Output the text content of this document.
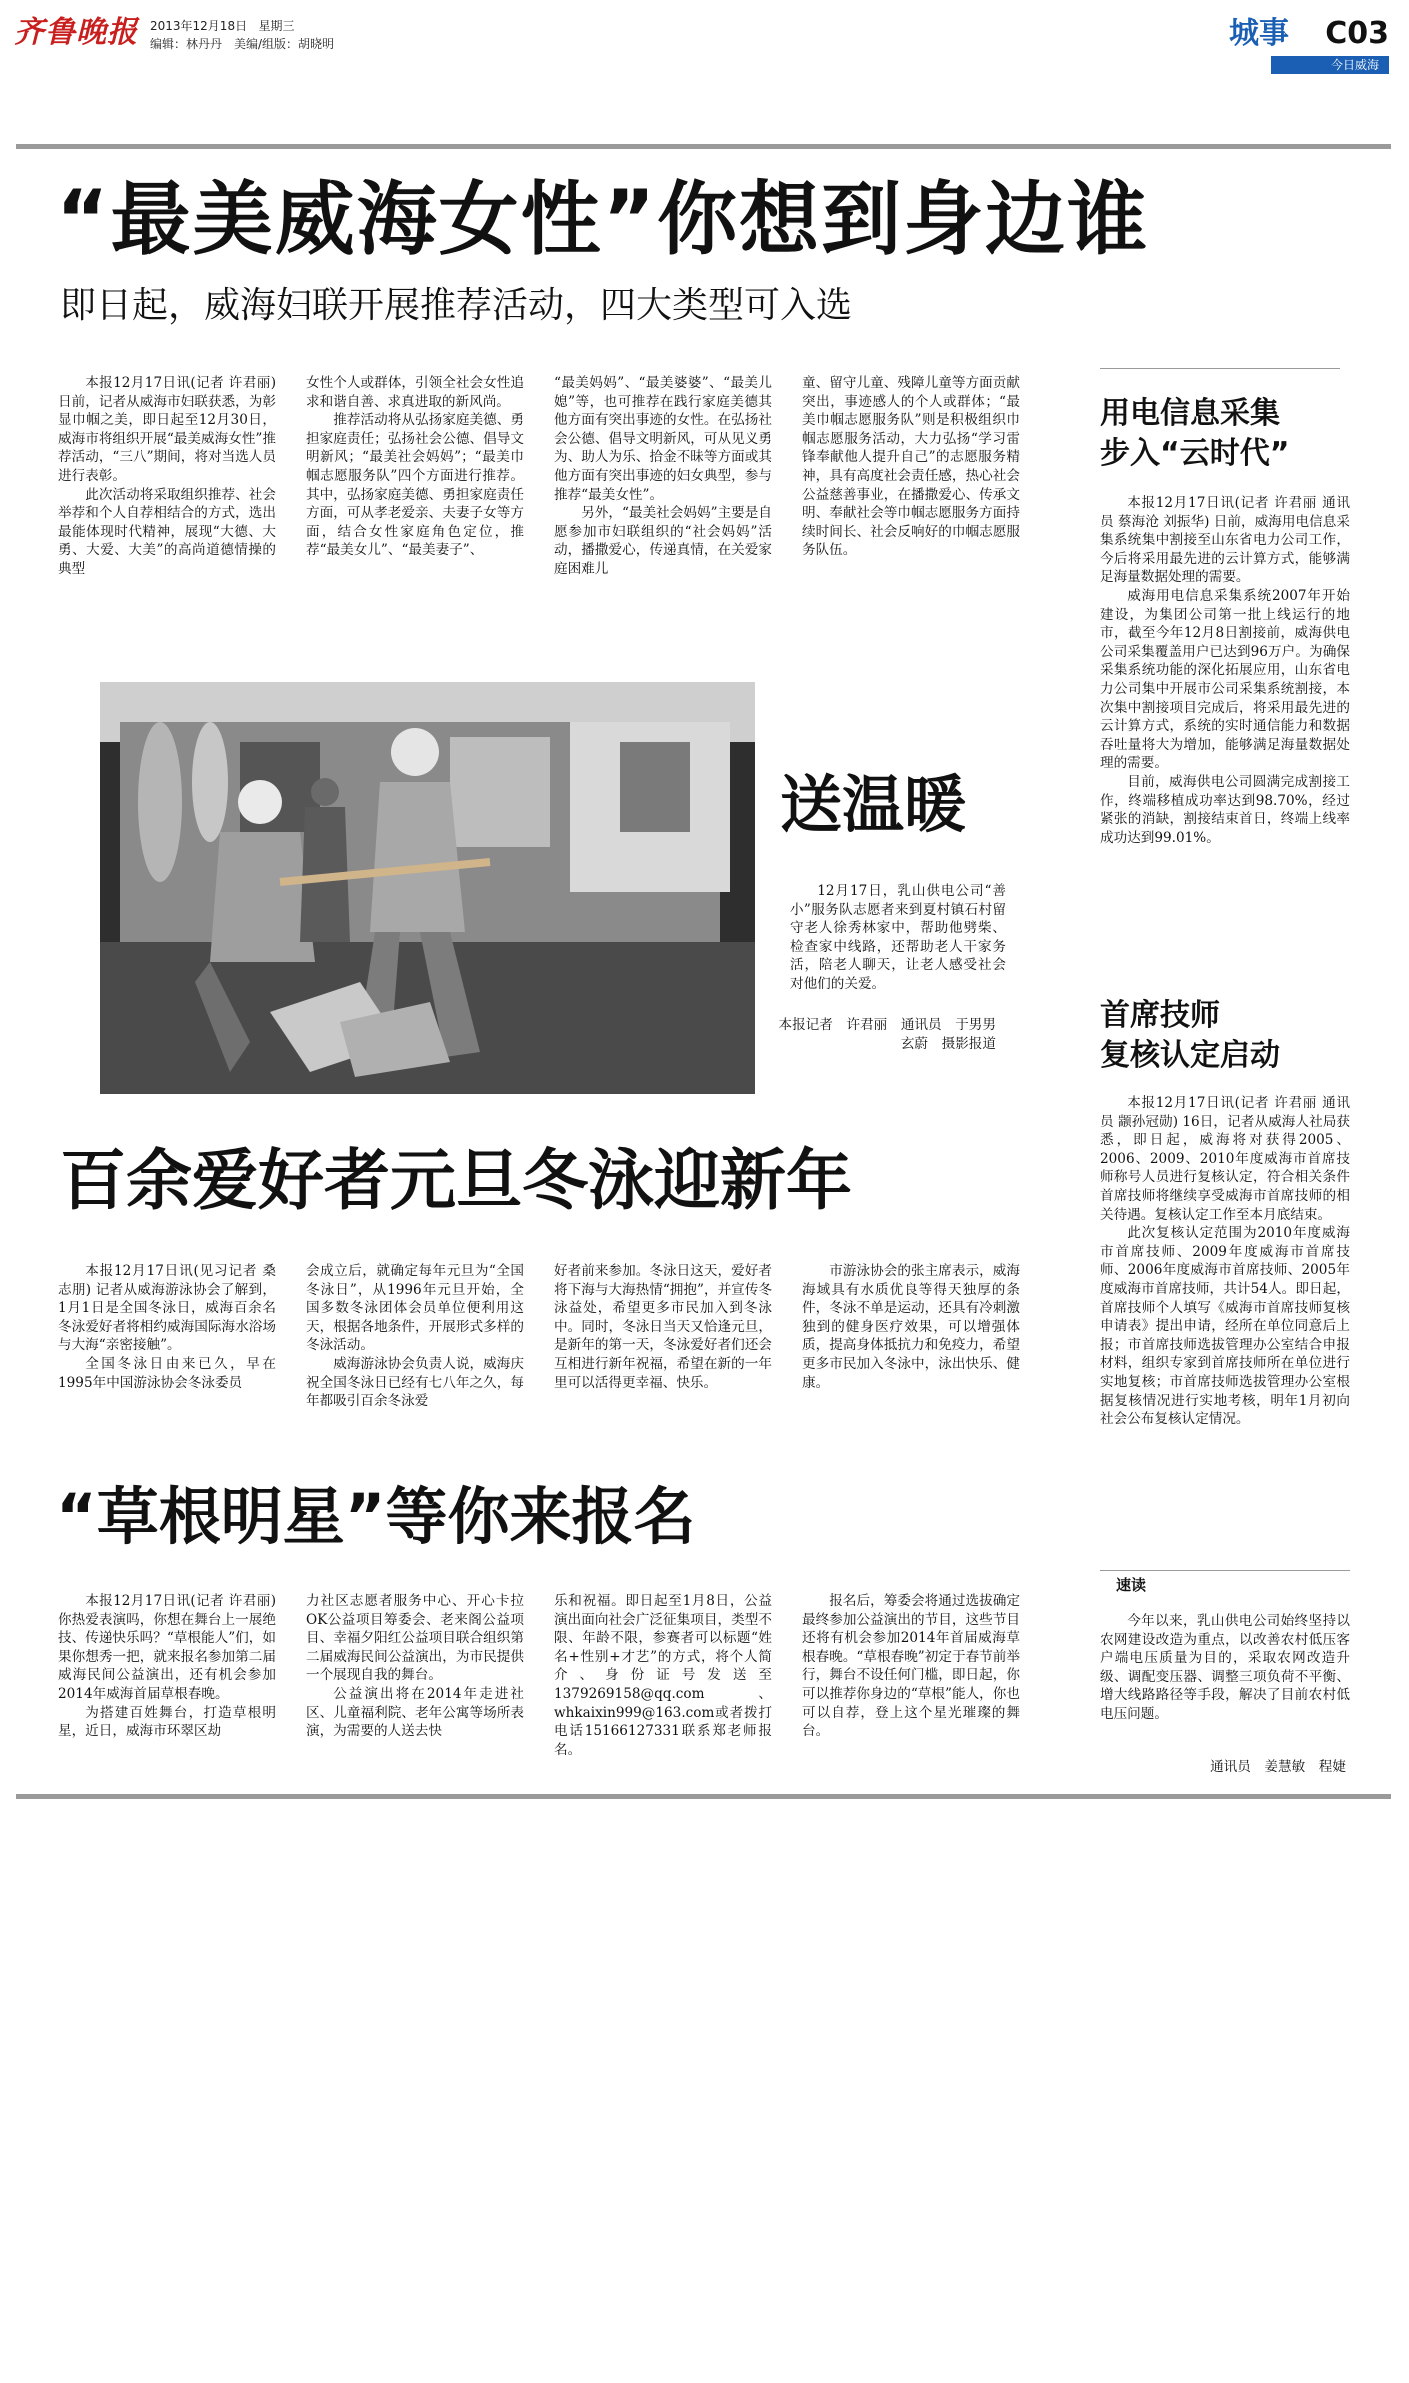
齐鲁晚报 2013年12月18日 星期三
编辑：林丹丹　美编/组版：胡晓明	城事 C03
今日威海
“最美威海女性”你想到身边谁
即日起，威海妇联开展推荐活动，四大类型可入选

本报12月17日讯(记者 许君丽) 日前，记者从威海市妇联获悉，为彰显巾帼之美，即日起至12月30日，威海市将组织开展“最美威海女性”推荐活动，“三八”期间，将对当选人员进行表彰。

此次活动将采取组织推荐、社会举荐和个人自荐相结合的方式，选出最能体现时代精神，展现“大德、大勇、大爱、大美”的高尚道德情操的典型

女性个人或群体，引领全社会女性追求和谐自善、求真进取的新风尚。

推荐活动将从弘扬家庭美德、勇担家庭责任；弘扬社会公德、倡导文明新风；“最美社会妈妈”；“最美巾帼志愿服务队”四个方面进行推荐。其中，弘扬家庭美德、勇担家庭责任方面，可从孝老爱亲、夫妻子女等方面，结合女性家庭角色定位，推荐“最美女儿”、“最美妻子”、

“最美妈妈”、“最美婆婆”、“最美儿媳”等，也可推荐在践行家庭美德其他方面有突出事迹的女性。在弘扬社会公德、倡导文明新风，可从见义勇为、助人为乐、拾金不昧等方面或其他方面有突出事迹的妇女典型，参与推荐“最美女性”。

另外，“最美社会妈妈”主要是自愿参加市妇联组织的“社会妈妈”活动，播撒爱心，传递真情，在关爱家庭困难儿

童、留守儿童、残障儿童等方面贡献突出，事迹感人的个人或群体；“最美巾帼志愿服务队”则是积极组织巾帼志愿服务活动，大力弘扬“学习雷锋奉献他人提升自己”的志愿服务精神，具有高度社会责任感，热心社会公益慈善事业，在播撒爱心、传承文明、奉献社会等巾帼志愿服务方面持续时间长、社会反响好的巾帼志愿服务队伍。

送温暖

12月17日，乳山供电公司“善小”服务队志愿者来到夏村镇石村留守老人徐秀林家中，帮助他劈柴、检查家中线路，还帮助老人干家务活，陪老人聊天，让老人感受社会对他们的关爱。

本报记者　许君丽　通讯员　于男男　玄蔚　摄影报道
百余爱好者元旦冬泳迎新年

本报12月17日讯(见习记者 桑志朋) 记者从威海游泳协会了解到，1月1日是全国冬泳日，威海百余名冬泳爱好者将相约威海国际海水浴场与大海“亲密接触”。

全国冬泳日由来已久，早在1995年中国游泳协会冬泳委员

会成立后，就确定每年元旦为“全国冬泳日”，从1996年元旦开始，全国多数冬泳团体会员单位便利用这天，根据各地条件，开展形式多样的冬泳活动。

威海游泳协会负责人说，威海庆祝全国冬泳日已经有七八年之久，每年都吸引百余冬泳爱

好者前来参加。冬泳日这天，爱好者将下海与大海热情“拥抱”，并宣传冬泳益处，希望更多市民加入到冬泳中。同时，冬泳日当天又恰逢元旦，是新年的第一天，冬泳爱好者们还会互相进行新年祝福，希望在新的一年里可以活得更幸福、快乐。

市游泳协会的张主席表示，威海海域具有水质优良等得天独厚的条件，冬泳不单是运动，还具有冷刺激独到的健身医疗效果，可以增强体质，提高身体抵抗力和免疫力，希望更多市民加入冬泳中，泳出快乐、健康。

“草根明星”等你来报名

本报12月17日讯(记者 许君丽) 你热爱表演吗，你想在舞台上一展绝技、传递快乐吗？“草根能人”们，如果你想秀一把，就来报名参加第二届威海民间公益演出，还有机会参加2014年威海首届草根春晚。

为搭建百姓舞台，打造草根明星，近日，威海市环翠区劫

力社区志愿者服务中心、开心卡拉OK公益项目筹委会、老来阁公益项目、幸福夕阳红公益项目联合组织第二届威海民间公益演出，为市民提供一个展现自我的舞台。

公益演出将在2014年走进社区、儿童福利院、老年公寓等场所表演，为需要的人送去快

乐和祝福。即日起至1月8日，公益演出面向社会广泛征集项目，类型不限、年龄不限，参赛者可以标题“姓名+性别+才艺”的方式，将个人简介、身份证号发送至1379269158@qq.com、whkaixin999@163.com或者拨打电话15166127331联系郑老师报名。

报名后，筹委会将通过选拔确定最终参加公益演出的节目，这些节目还将有机会参加2014年首届威海草根春晚。“草根春晚”初定于春节前举行，舞台不设任何门槛，即日起，你可以推荐你身边的“草根”能人，你也可以自荐，登上这个星光璀璨的舞台。

用电信息采集
步入“云时代”

本报12月17日讯(记者 许君丽 通讯员 蔡海沧 刘振华) 日前，威海用电信息采集系统集中割接至山东省电力公司工作，今后将采用最先进的云计算方式，能够满足海量数据处理的需要。

威海用电信息采集系统2007年开始建设，为集团公司第一批上线运行的地市，截至今年12月8日割接前，威海供电公司采集覆盖用户已达到96万户。为确保采集系统功能的深化拓展应用，山东省电力公司集中开展市公司采集系统割接，本次集中割接项目完成后，将采用最先进的云计算方式，系统的实时通信能力和数据吞吐量将大为增加，能够满足海量数据处理的需要。

目前，威海供电公司圆满完成割接工作，终端移植成功率达到98.70%，经过紧张的消缺，割接结束首日，终端上线率成功达到99.01%。

首席技师
复核认定启动

本报12月17日讯(记者 许君丽 通讯员 颛孙冠勋) 16日，记者从威海人社局获悉，即日起，威海将对获得2005、2006、2009、2010年度威海市首席技师称号人员进行复核认定，符合相关条件首席技师将继续享受威海市首席技师的相关待遇。复核认定工作至本月底结束。

此次复核认定范围为2010年度威海市首席技师、2009年度威海市首席技师、2006年度威海市首席技师、2005年度威海市首席技师，共计54人。即日起，首席技师个人填写《威海市首席技师复核申请表》提出申请，经所在单位同意后上报；市首席技师选拔管理办公室结合申报材料，组织专家到首席技师所在单位进行实地复核；市首席技师选拔管理办公室根据复核情况进行实地考核，明年1月初向社会公布复核认定情况。

速读

今年以来，乳山供电公司始终坚持以农网建设改造为重点，以改善农村低压客户端电压质量为目的，采取农网改造升级、调配变压器、调整三项负荷不平衡、增大线路路径等手段，解决了目前农村低电压问题。

通讯员　姜慧敏　程婕
